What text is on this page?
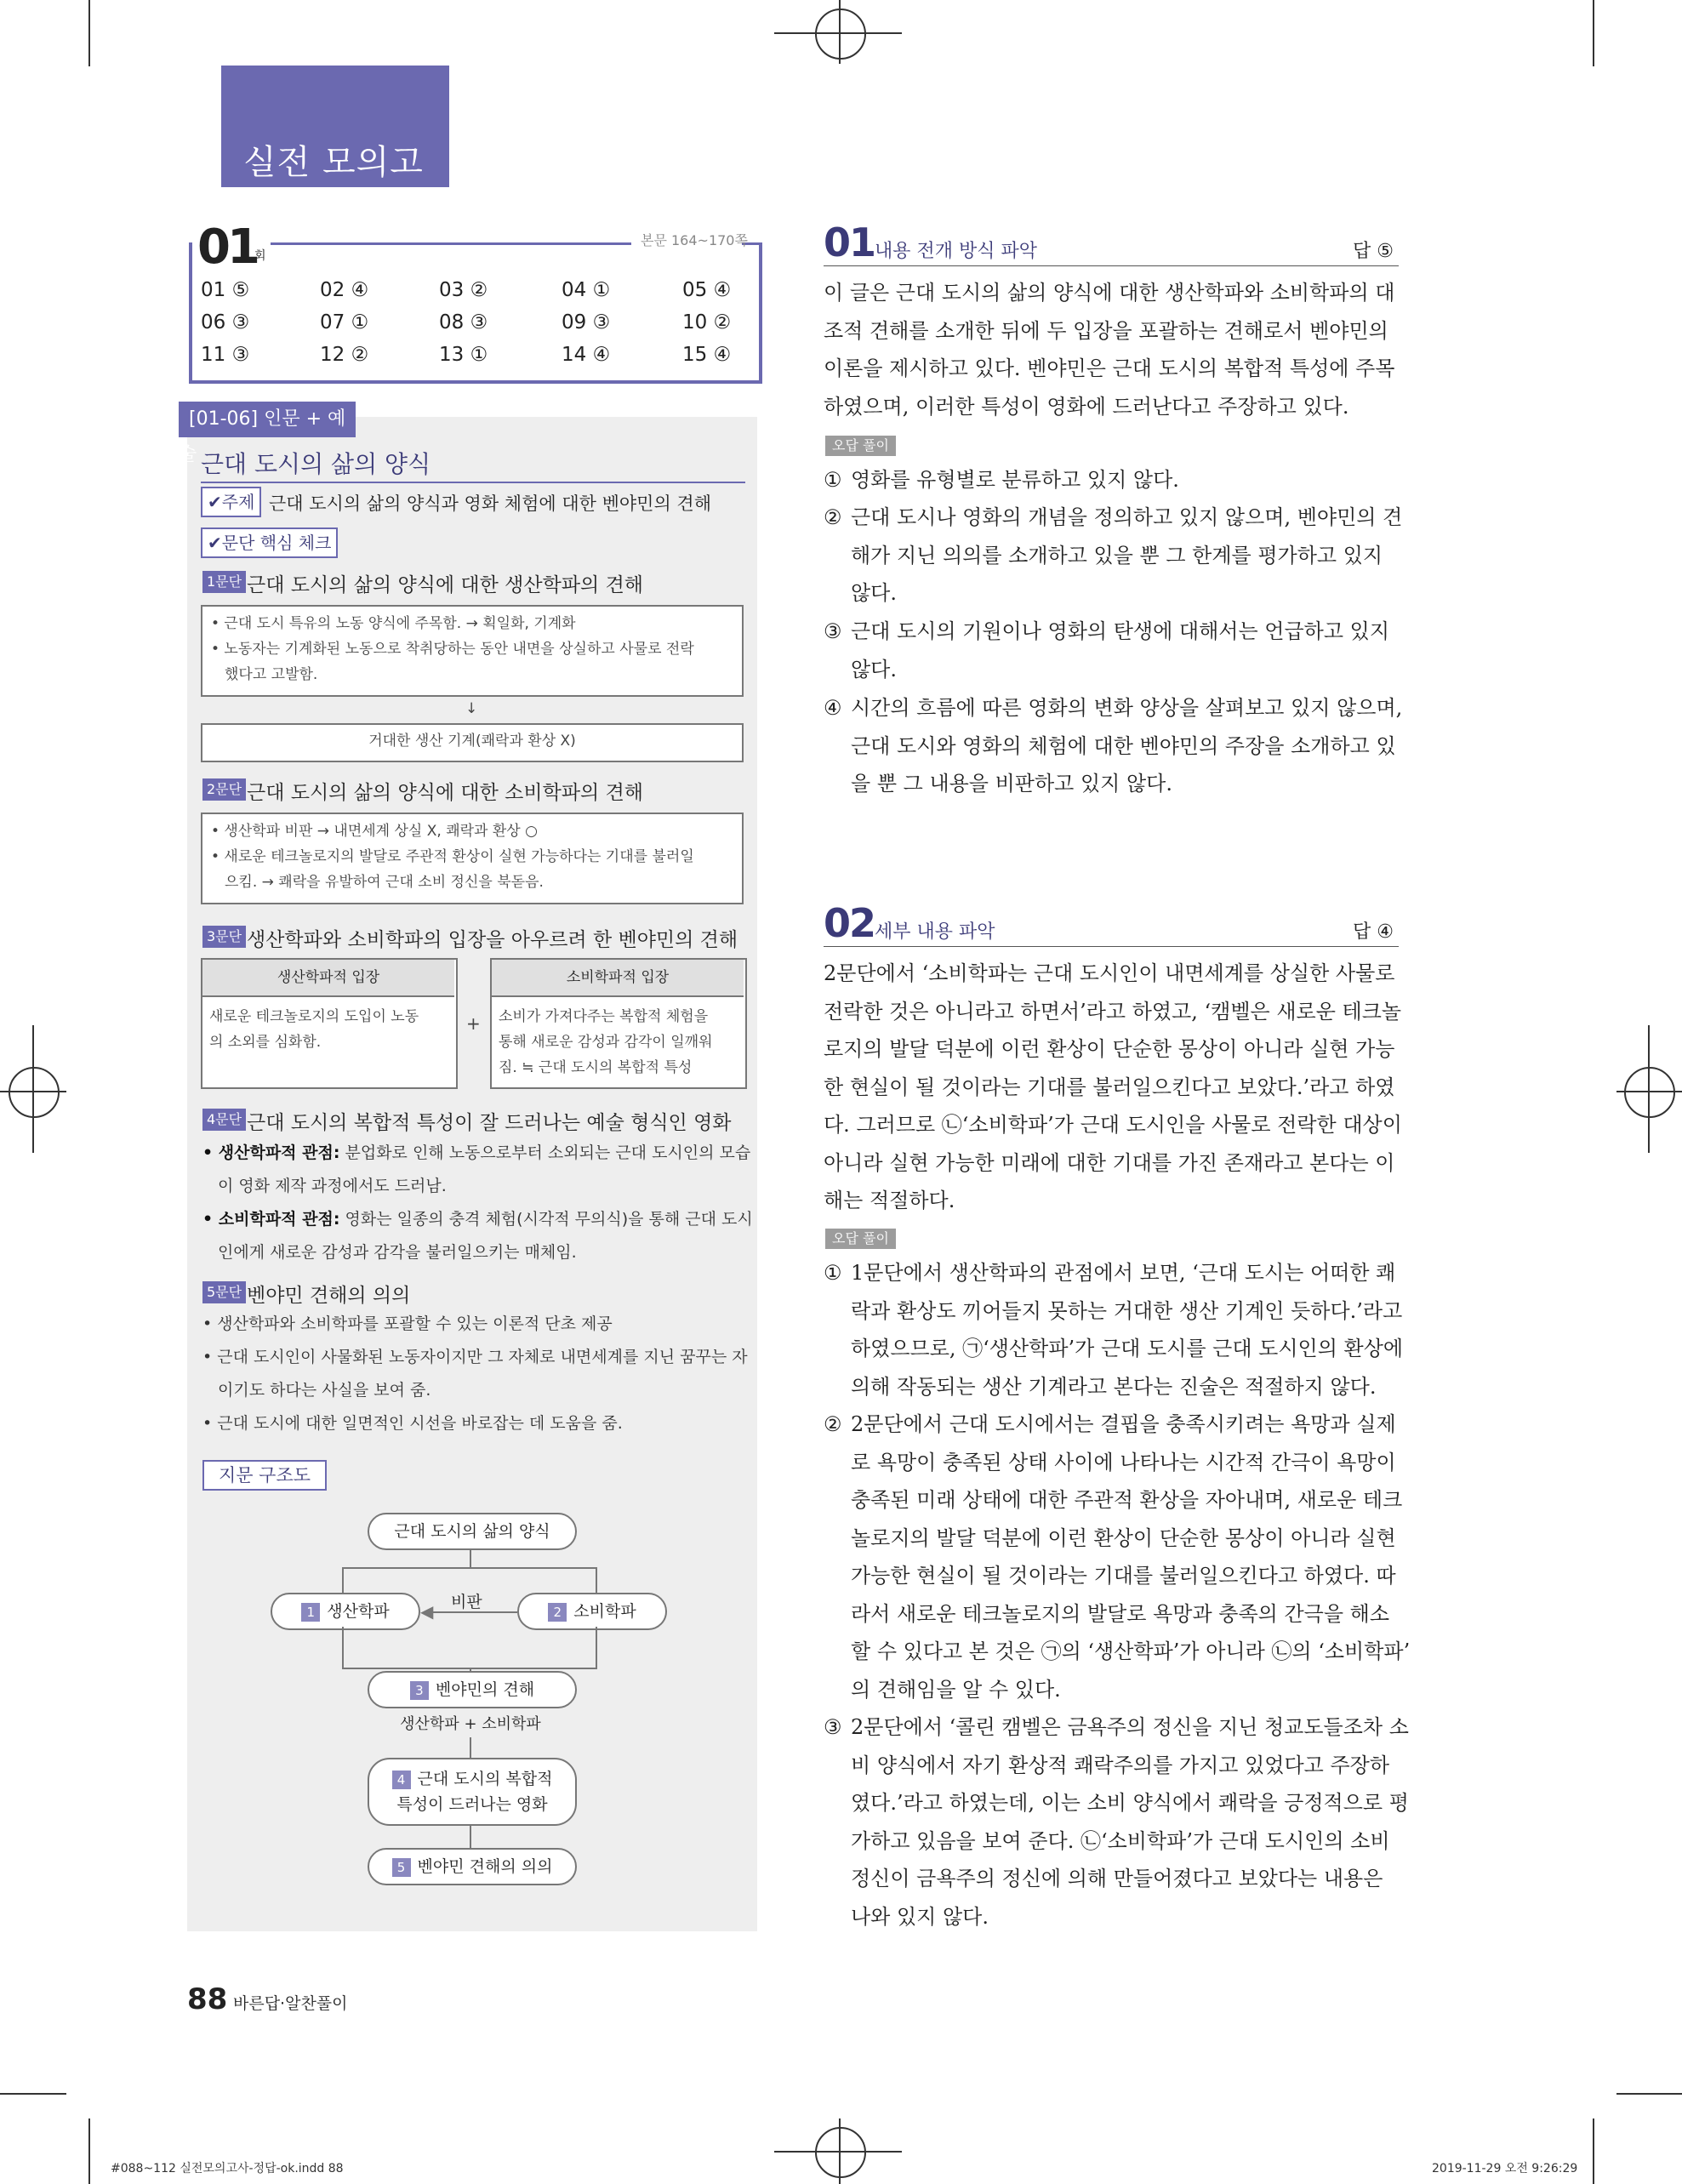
실전 모의고사
01
회
본문 164~170쪽
01 ⑤	02 ④	03 ②	04 ①	05 ④
06 ③	07 ①	08 ③	09 ③	10 ②
11 ③	12 ②	13 ①	14 ④	15 ④
[01-06] 인문 + 예술 근대 도시의 삶의 양식
✔주제 근대 도시의 삶의 양식과 영화 체험에 대한 벤야민의 견해
✔문단 핵심 체크
1문단 근대 도시의 삶의 양식에 대한 생산학파의 견해
• 근대 도시 특유의 노동 양식에 주목함. → 획일화, 기계화
• 노동자는 기계화된 노동으로 착취당하는 동안 내면을 상실하고 사물로 전락
했다고 고발함.
↓
거대한 생산 기계(쾌락과 환상 X)
2문단 근대 도시의 삶의 양식에 대한 소비학파의 견해
• 생산학파 비판 → 내면세계 상실 X, 쾌락과 환상 ○
• 새로운 테크놀로지의 발달로 주관적 환상이 실현 가능하다는 기대를 불러일
으킴. → 쾌락을 유발하여 근대 소비 정신을 북돋음.
3문단 생산학파와 소비학파의 입장을 아우르려 한 벤야민의 견해
생산학파적 입장
새로운 테크놀로지의 도입이 노동
의 소외를 심화함.
+
소비학파적 입장
소비가 가져다주는 복합적 체험을
통해 새로운 감성과 감각이 일깨워
짐. ≒ 근대 도시의 복합적 특성
4문단 근대 도시의 복합적 특성이 잘 드러나는 예술 형식인 영화
• 생산학파적 관점: 분업화로 인해 노동으로부터 소외되는 근대 도시인의 모습
이 영화 제작 과정에서도 드러남.
• 소비학파적 관점: 영화는 일종의 충격 체험(시각적 무의식)을 통해 근대 도시
인에게 새로운 감성과 감각을 불러일으키는 매체임.
5문단 벤야민 견해의 의의
• 생산학파와 소비학파를 포괄할 수 있는 이론적 단초 제공
• 근대 도시인이 사물화된 노동자이지만 그 자체로 내면세계를 지닌 꿈꾸는 자
이기도 하다는 사실을 보여 줌.
• 근대 도시에 대한 일면적인 시선을 바로잡는 데 도움을 줌.
지문 구조도
근대 도시의 삶의 양식
1 생산학파	비판
◀	2 소비학파
3 벤야민의 견해
생산학파 + 소비학파
4 근대 도시의 복합적
특성이 드러나는 영화
5 벤야민 견해의 의의
01 내용 전개 방식 파악	답 ⑤
이 글은 근대 도시의 삶의 양식에 대한 생산학파와 소비학파의 대
조적 견해를 소개한 뒤에 두 입장을 포괄하는 견해로서 벤야민의
이론을 제시하고 있다. 벤야민은 근대 도시의 복합적 특성에 주목
하였으며, 이러한 특성이 영화에 드러난다고 주장하고 있다.
오답 풀이
① 영화를 유형별로 분류하고 있지 않다.
② 근대 도시나 영화의 개념을 정의하고 있지 않으며, 벤야민의 견
해가 지닌 의의를 소개하고 있을 뿐 그 한계를 평가하고 있지
않다.
③ 근대 도시의 기원이나 영화의 탄생에 대해서는 언급하고 있지
않다.
④ 시간의 흐름에 따른 영화의 변화 양상을 살펴보고 있지 않으며,
근대 도시와 영화의 체험에 대한 벤야민의 주장을 소개하고 있
을 뿐 그 내용을 비판하고 있지 않다.
02 세부 내용 파악	답 ④
2문단에서 ‘소비학파는 근대 도시인이 내면세계를 상실한 사물로
전락한 것은 아니라고 하면서’라고 하였고, ‘캠벨은 새로운 테크놀
로지의 발달 덕분에 이런 환상이 단순한 몽상이 아니라 실현 가능
한 현실이 될 것이라는 기대를 불러일으킨다고 보았다.’라고 하였
다. 그러므로 ㉡‘소비학파’가 근대 도시인을 사물로 전락한 대상이
아니라 실현 가능한 미래에 대한 기대를 가진 존재라고 본다는 이
해는 적절하다.
오답 풀이
① 1문단에서 생산학파의 관점에서 보면, ‘근대 도시는 어떠한 쾌
락과 환상도 끼어들지 못하는 거대한 생산 기계인 듯하다.’라고
하였으므로, ㉠‘생산학파’가 근대 도시를 근대 도시인의 환상에
의해 작동되는 생산 기계라고 본다는 진술은 적절하지 않다.
② 2문단에서 근대 도시에서는 결핍을 충족시키려는 욕망과 실제
로 욕망이 충족된 상태 사이에 나타나는 시간적 간극이 욕망이
충족된 미래 상태에 대한 주관적 환상을 자아내며, 새로운 테크
놀로지의 발달 덕분에 이런 환상이 단순한 몽상이 아니라 실현
가능한 현실이 될 것이라는 기대를 불러일으킨다고 하였다. 따
라서 새로운 테크놀로지의 발달로 욕망과 충족의 간극을 해소
할 수 있다고 본 것은 ㉠의 ‘생산학파’가 아니라 ㉡의 ‘소비학파’
의 견해임을 알 수 있다.
③ 2문단에서 ‘콜린 캠벨은 금욕주의 정신을 지닌 청교도들조차 소
비 양식에서 자기 환상적 쾌락주의를 가지고 있었다고 주장하
였다.’라고 하였는데, 이는 소비 양식에서 쾌락을 긍정적으로 평
가하고 있음을 보여 준다. ㉡‘소비학파’가 근대 도시인의 소비
정신이 금욕주의 정신에 의해 만들어졌다고 보았다는 내용은
나와 있지 않다.
88 바른답·알찬풀이
#088~112 실전모의고사-정답-ok.indd 88	2019-11-29 오전 9:26:29
